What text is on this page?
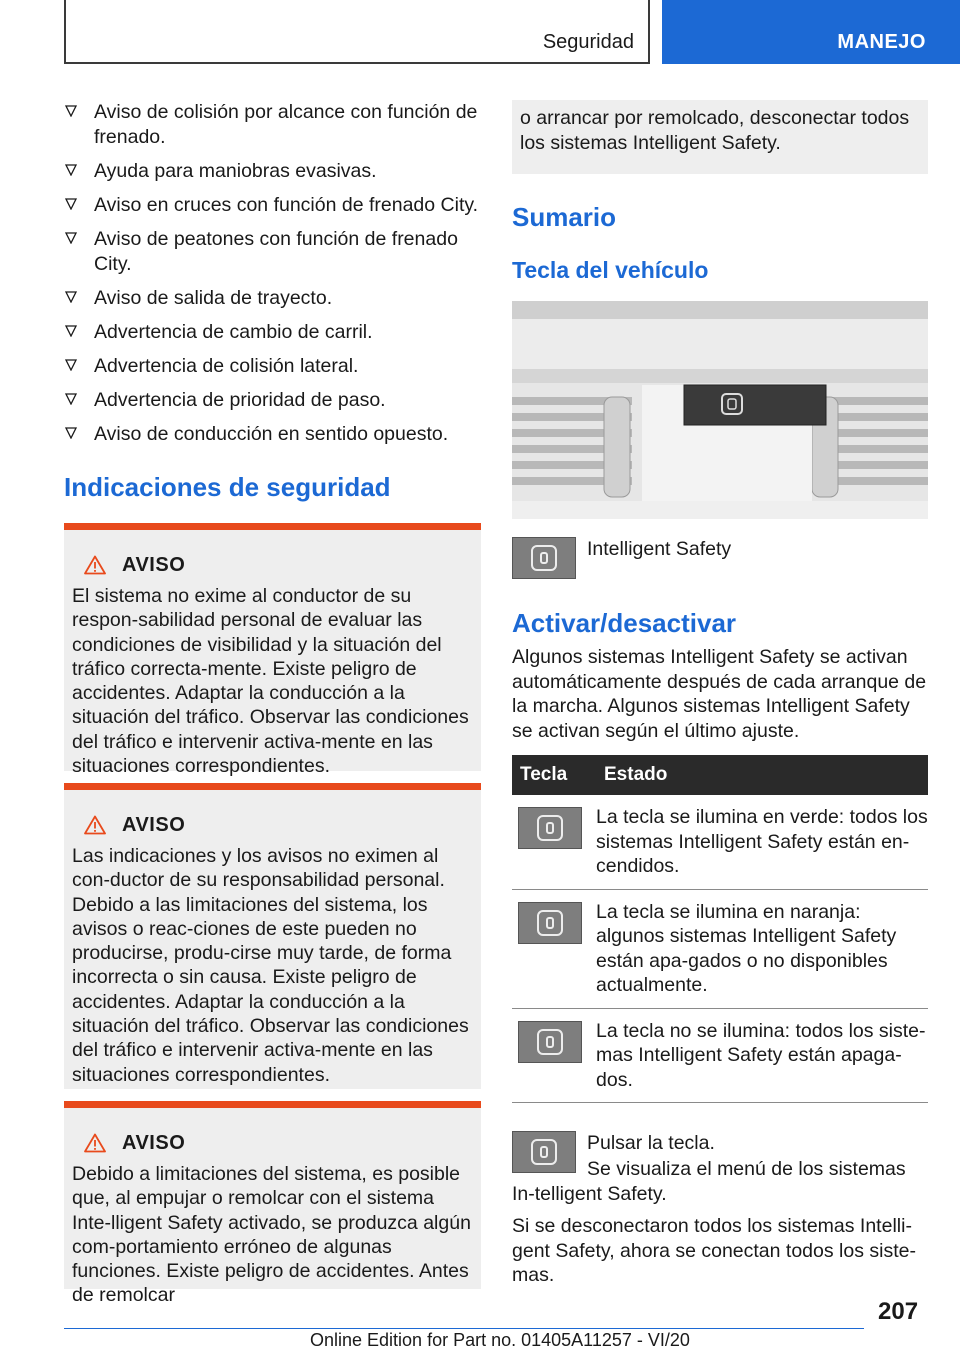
Seguridad	MANEJO
Aviso de colisión por alcance con función de frenado.
Ayuda para maniobras evasivas.
Aviso en cruces con función de frenado City.
Aviso de peatones con función de frenado City.
Aviso de salida de trayecto.
Advertencia de cambio de carril.
Advertencia de colisión lateral.
Advertencia de prioridad de paso.
Aviso de conducción en sentido opuesto.
Indicaciones de seguridad
AVISO
El sistema no exime al conductor de su respon-sabilidad personal de evaluar las condiciones de visibilidad y la situación del tráfico correcta-mente. Existe peligro de accidentes. Adaptar la conducción a la situación del tráfico. Observar las condiciones del tráfico e intervenir activa-mente en las situaciones correspondientes.
AVISO
Las indicaciones y los avisos no eximen al con-ductor de su responsabilidad personal. Debido a las limitaciones del sistema, los avisos o reac-ciones de este pueden no producirse, produ-cirse muy tarde, de forma incorrecta o sin causa. Existe peligro de accidentes. Adaptar la conducción a la situación del tráfico. Observar las condiciones del tráfico e intervenir activa-mente en las situaciones correspondientes.
AVISO
Debido a limitaciones del sistema, es posible que, al empujar o remolcar con el sistema Inte-lligent Safety activado, se produzca algún com-portamiento erróneo de algunas funciones. Existe peligro de accidentes. Antes de remolcar
o arrancar por remolcado, desconectar todos los sistemas Intelligent Safety.
Sumario
Tecla del vehículo
Intelligent Safety
Activar/desactivar

Algunos sistemas Intelligent Safety se activan automáticamente después de cada arranque de la marcha. Algunos sistemas Intelligent Safety se activan según el último ajuste.

Tecla	Estado

	La tecla se ilumina en verde: todos los sistemas Intelligent Safety están en-cendidos.

	La tecla se ilumina en naranja: algunos sistemas Intelligent Safety están apa-gados o no disponibles actualmente.

	La tecla no se ilumina: todos los siste-mas Intelligent Safety están apaga-dos.
Pulsar la tecla.

Se visualiza el menú de los sistemas In-telligent Safety.

Si se desconectaron todos los sistemas Intelli-gent Safety, ahora se conectan todos los siste-mas.

207
Online Edition for Part no. 01405A11257 - VI/20
